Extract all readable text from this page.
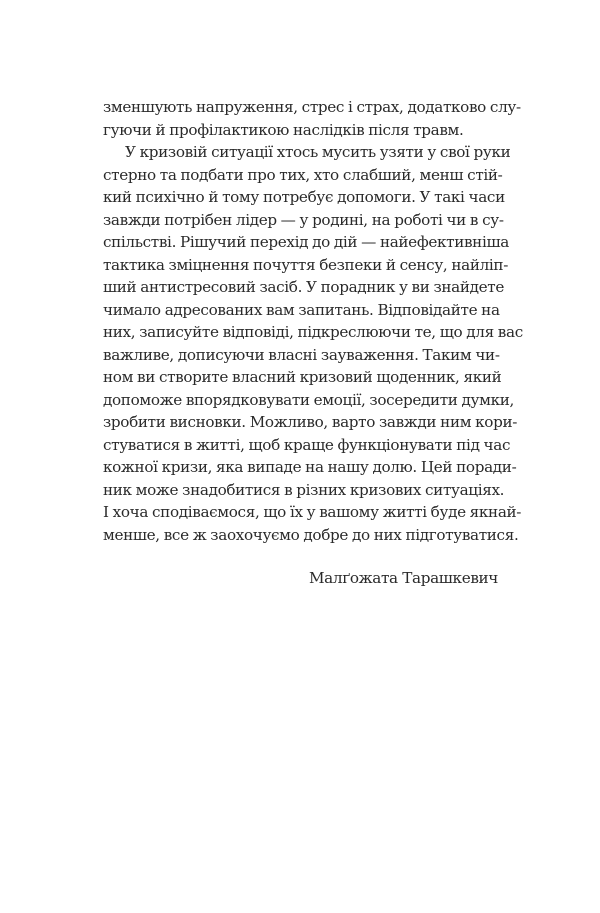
зменшують напруження, стрес і страх, додатково слу-
гуючи й профілактикою наслідків після травм.
У кризовій ситуації хтось мусить узяти у свої руки
стерно та подбати про тих, хто слабший, менш стій-
кий психічно й тому потребує допомоги. У такі часи
завжди потрібен лідер — у родині, на роботі чи в су-
спільстві. Рішучий перехід до дій — найефективніша
тактика зміцнення почуття безпеки й сенсу, найліп-
ший антистресовий засіб. У порадник у ви знайдете
чимало адресованих вам запитань. Відповідайте на
них, записуйте відповіді, підкреслюючи те, що для вас
важливе, дописуючи власні зауваження. Таким чи-
ном ви створите власний кризовий щоденник, який
допоможе впорядковувати емоції, зосередити думки,
зробити висновки. Можливо, варто завжди ним кори-
стуватися в житті, щоб краще функціонувати під час
кожної кризи, яка випаде на нашу долю. Цей поради-
ник може знадобитися в різних кризових ситуаціях.
І хоча сподіваємося, що їх у вашому житті буде якнай-
менше, все ж заохочуємо добре до них підготуватися.
Малґожата Тарашкевич
